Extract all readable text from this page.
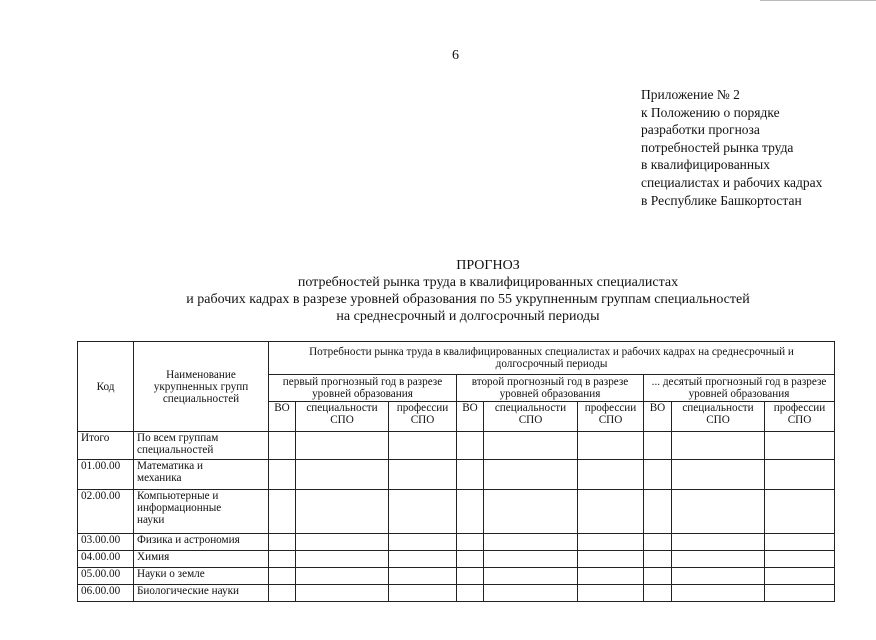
6
Приложение № 2
к Положению о порядке
разработки прогноза
потребностей рынка труда
в квалифицированных
специалистах и рабочих кадрах
в Республике Башкортостан
ПРОГНОЗ
потребностей рынка труда в квалифицированных специалистах
и рабочих кадрах в разрезе уровней образования по 55 укрупненным группам специальностей
на среднесрочный и долгосрочный периоды
Код	Наименование укрупненных групп специальностей	Потребности рынка труда в квалифицированных специалистах и рабочих кадрах на среднесрочный и долгосрочный периоды								
		первый прогнозный год в разрезе уровней образования			второй прогнозный год в разрезе уровней образования			... десятый прогнозный год в разрезе уровней образования		
		ВО	специальности СПО	профессии СПО	ВО	специальности СПО	профессии СПО	ВО	специальности СПО	профессии СПО
Итого	По всем группам специальностей									
01.00.00	Математика и механика									
02.00.00	Компьютерные и информационные науки									
03.00.00	Физика и астрономия									
04.00.00	Химия									
05.00.00	Науки о земле									
06.00.00	Биологические науки									
